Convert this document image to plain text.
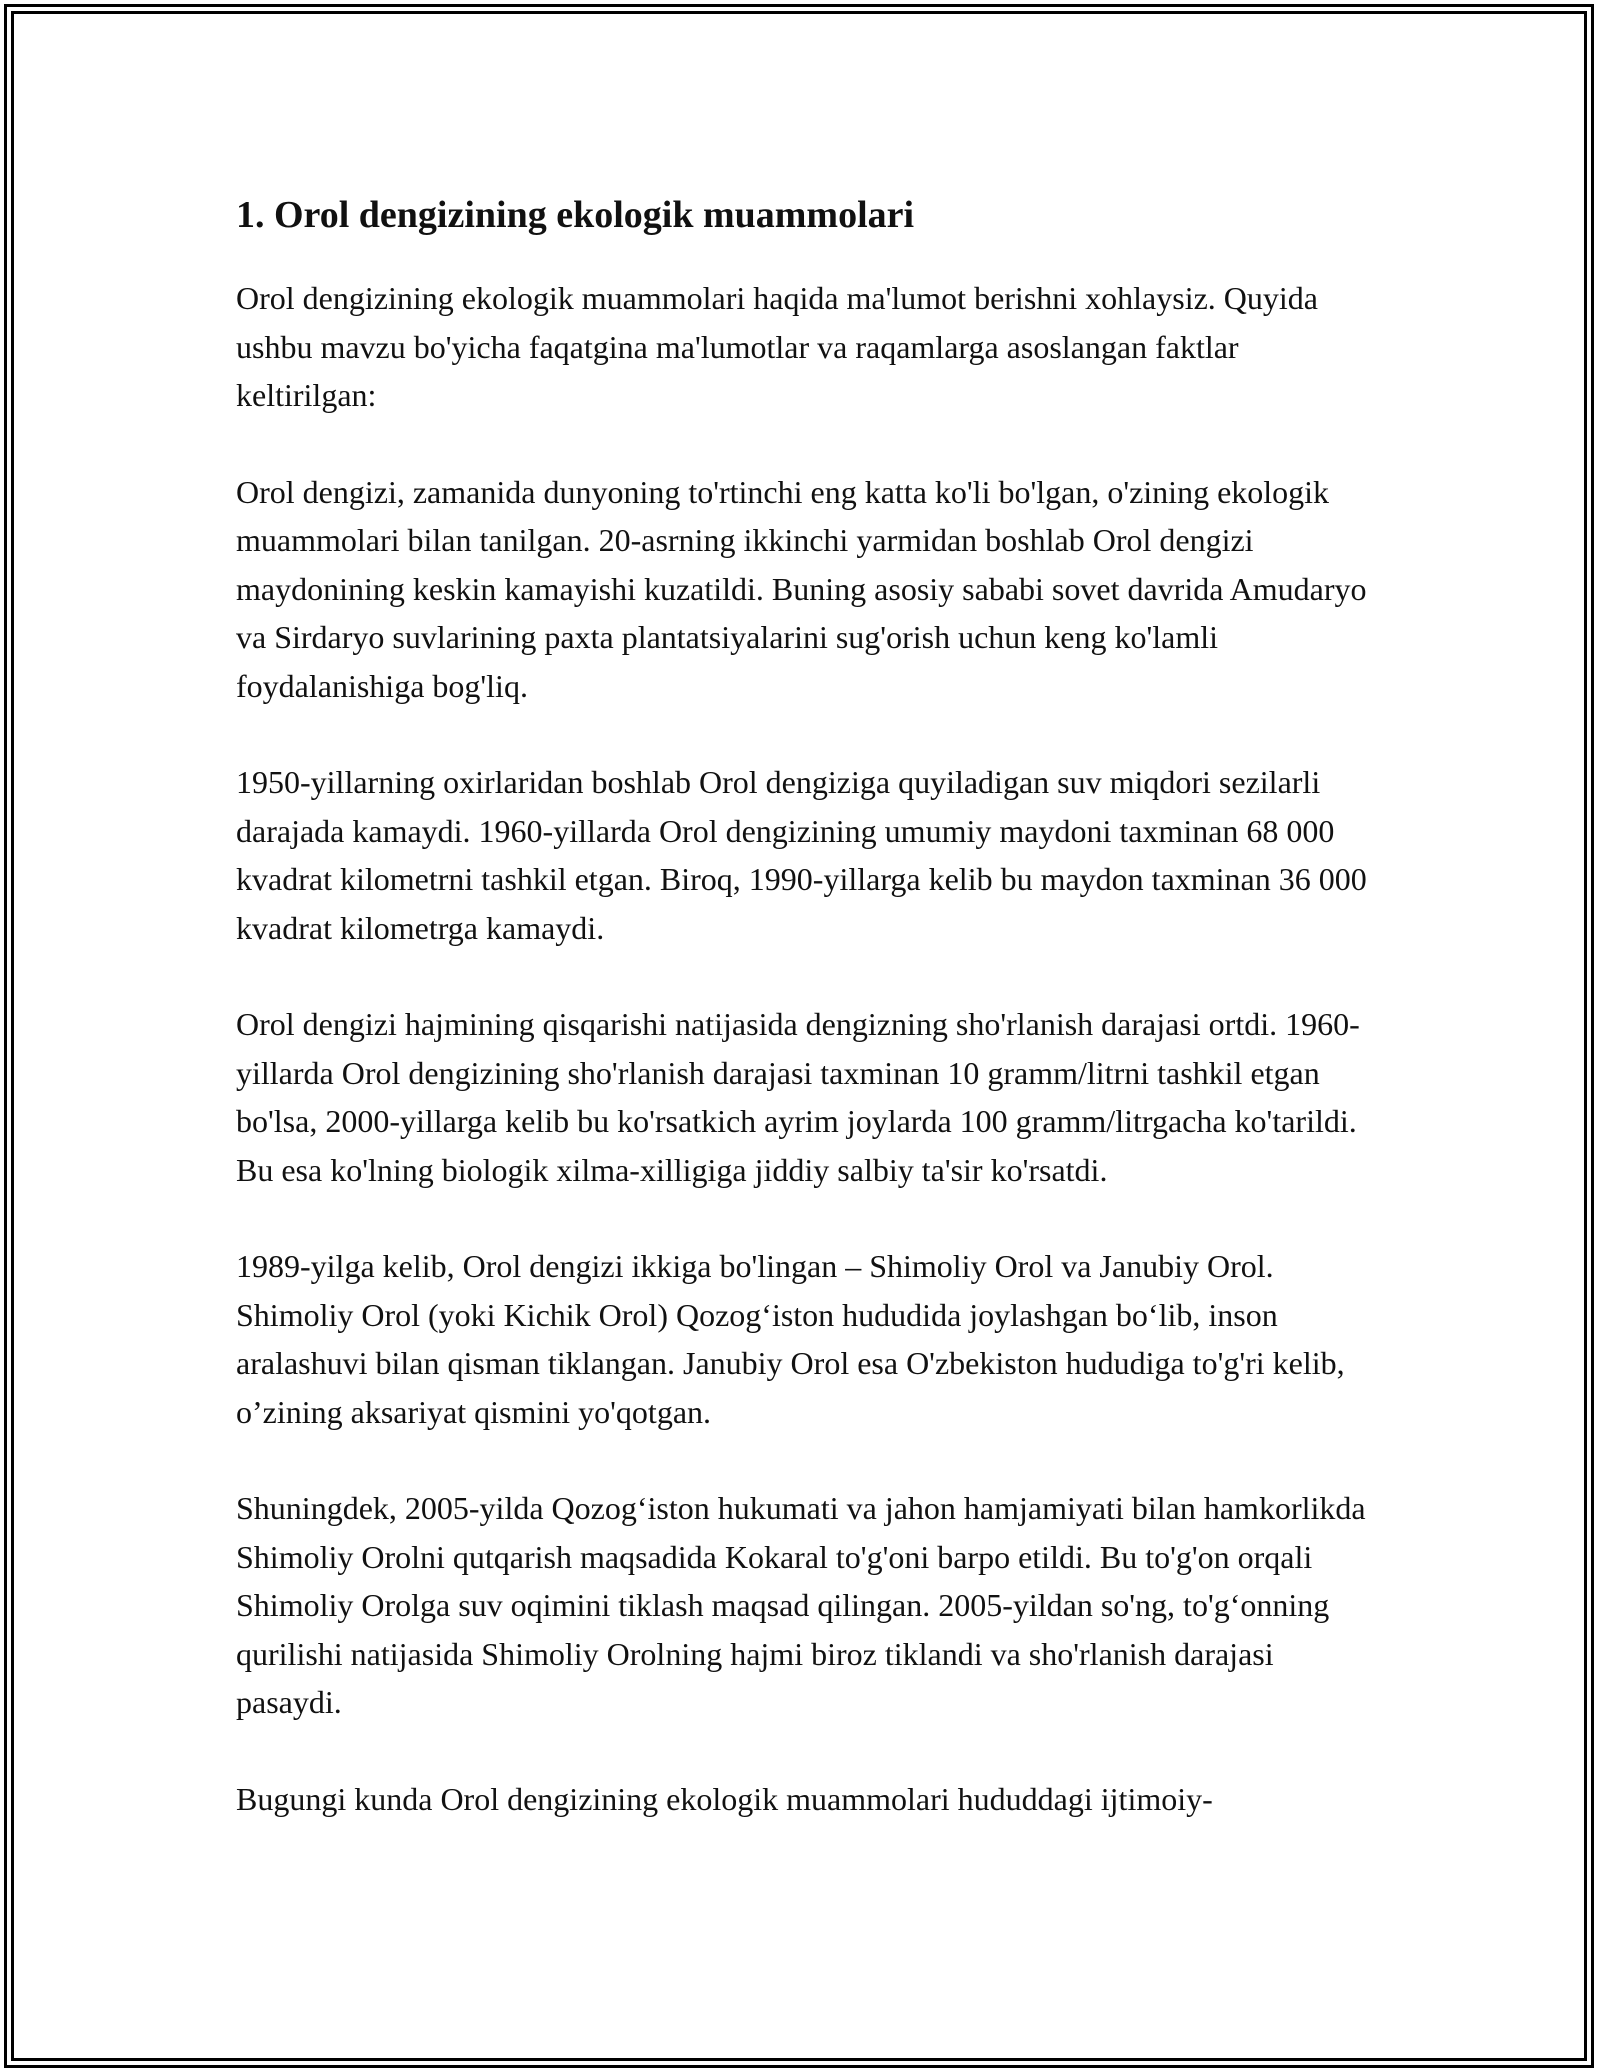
1. Orol dengizining ekologik muammolari

Orol dengizining ekologik muammolari haqida ma'lumot berishni xohlaysiz. Quyida ushbu mavzu bo'yicha faqatgina ma'lumotlar va raqamlarga asoslangan faktlar keltirilgan:

Orol dengizi, zamanida dunyoning to'rtinchi eng katta ko'li bo'lgan, o'zining ekologik muammolari bilan tanilgan. 20-asrning ikkinchi yarmidan boshlab Orol dengizi maydonining keskin kamayishi kuzatildi. Buning asosiy sababi sovet davrida Amudaryo va Sirdaryo suvlarining paxta plantatsiyalarini sug'orish uchun keng ko'lamli foydalanishiga bog'liq.

1950-yillarning oxirlaridan boshlab Orol dengiziga quyiladigan suv miqdori sezilarli darajada kamaydi. 1960-yillarda Orol dengizining umumiy maydoni taxminan 68 000 kvadrat kilometrni tashkil etgan. Biroq, 1990-yillarga kelib bu maydon taxminan 36 000 kvadrat kilometrga kamaydi.

Orol dengizi hajmining qisqarishi natijasida dengizning sho'rlanish darajasi ortdi. 1960-yillarda Orol dengizining sho'rlanish darajasi taxminan 10 gramm/litrni tashkil etgan bo'lsa, 2000-yillarga kelib bu ko'rsatkich ayrim joylarda 100 gramm/litrgacha ko'tarildi. Bu esa ko'lning biologik xilma-xilligiga jiddiy salbiy ta'sir ko'rsatdi.

1989-yilga kelib, Orol dengizi ikkiga bo'lingan – Shimoliy Orol va Janubiy Orol. Shimoliy Orol (yoki Kichik Orol) Qozog‘iston hududida joylashgan bo‘lib, inson aralashuvi bilan qisman tiklangan. Janubiy Orol esa O'zbekiston hududiga to'g'ri kelib, o’zining aksariyat qismini yo'qotgan.

Shuningdek, 2005-yilda Qozog‘iston hukumati va jahon hamjamiyati bilan hamkorlikda Shimoliy Orolni qutqarish maqsadida Kokaral to'g'oni barpo etildi. Bu to'g'on orqali Shimoliy Orolga suv oqimini tiklash maqsad qilingan. 2005-yildan so'ng, to'g‘onning qurilishi natijasida Shimoliy Orolning hajmi biroz tiklandi va sho'rlanish darajasi pasaydi.

Bugungi kunda Orol dengizining ekologik muammolari hududdagi ijtimoiy-
